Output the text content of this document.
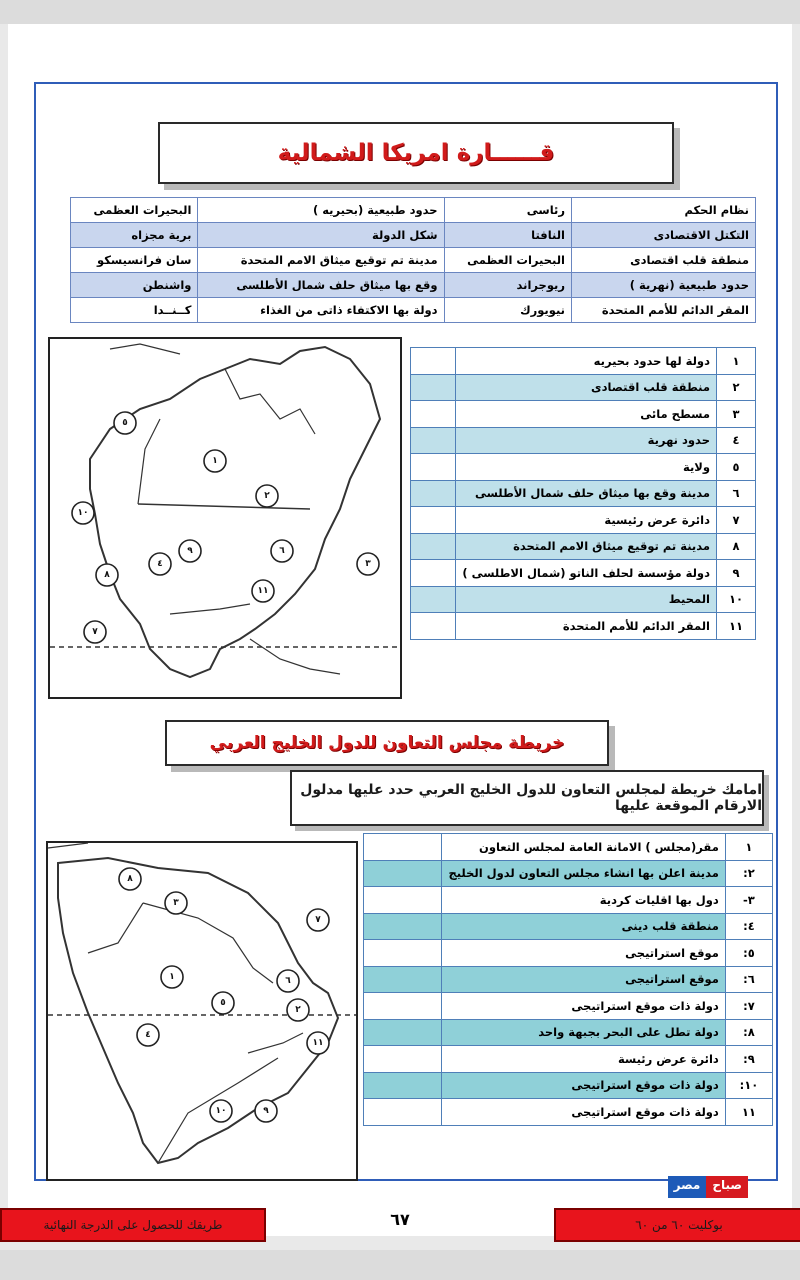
قــــــارة امريكا الشمالية
نظام الحكم	رئاسى	حدود طبيعية (بحيريه )	البحيرات العظمى
التكتل الاقتصادى	النافتا	شكل الدولة	برية مجزاه
منطقة قلب اقتصادى	البحيرات العظمى	مدينة تم توقيع ميثاق الامم المتحدة	سان فرانسيسكو
حدود طبيعية (نهرية )	ريوجراند	وقع بها ميثاق حلف شمال الأطلسى	واشنطن
المقر الدائم للأمم المتحدة	نيويورك	دولة بها الاكتفاء ذاتى من الغذاء	كــنــدا
١
٢
٣
٤
٥
٦
٧
٨
٩
١٠
١١
١	دولة لها حدود بحيريه	
٢	منطقة قلب اقتصادى	
٣	مسطح مائى	
٤	حدود نهرية	
٥	ولاية	
٦	مدينة وقع بها ميثاق حلف شمال الأطلسى	
٧	دائرة عرض رئيسية	
٨	مدينة تم توقيع ميثاق الامم المتحدة	
٩	دولة مؤسسة لحلف الناتو (شمال الاطلسى )	
١٠	المحيط	
١١	المقر الدائم للأمم المتحدة	
خريطة مجلس التعاون للدول الخليج العربي
امامك خريطة لمجلس التعاون للدول الخليج العربي حدد عليها مدلول الارقام الموقعة عليها
١
٢
٣
٤
٥
٦
٧
٨
٩
١٠
١١
١	مقر(مجلس ) الامانة العامة لمجلس التعاون	
٢:	مدينة اعلن بها انشاء مجلس التعاون لدول الخليج	
٣-	دول بها اقليات كردية	
٤:	منطقة قلب دينى	
٥:	موقع استراتيجى	
٦:	موقع استراتيجى	
٧:	دولة ذات موقع استراتيجى	
٨:	دولة تطل على البحر بجبهة واحد	
٩:	دائرة عرض رئيسة	
١٠:	دولة ذات موقع استراتيجى	
١١	دولة ذات موقع استراتيجى	
صباح
مصر
طريقك للحصول على الدرجة النهائية	٦٧	بوكليت ٦٠ من ٦٠
